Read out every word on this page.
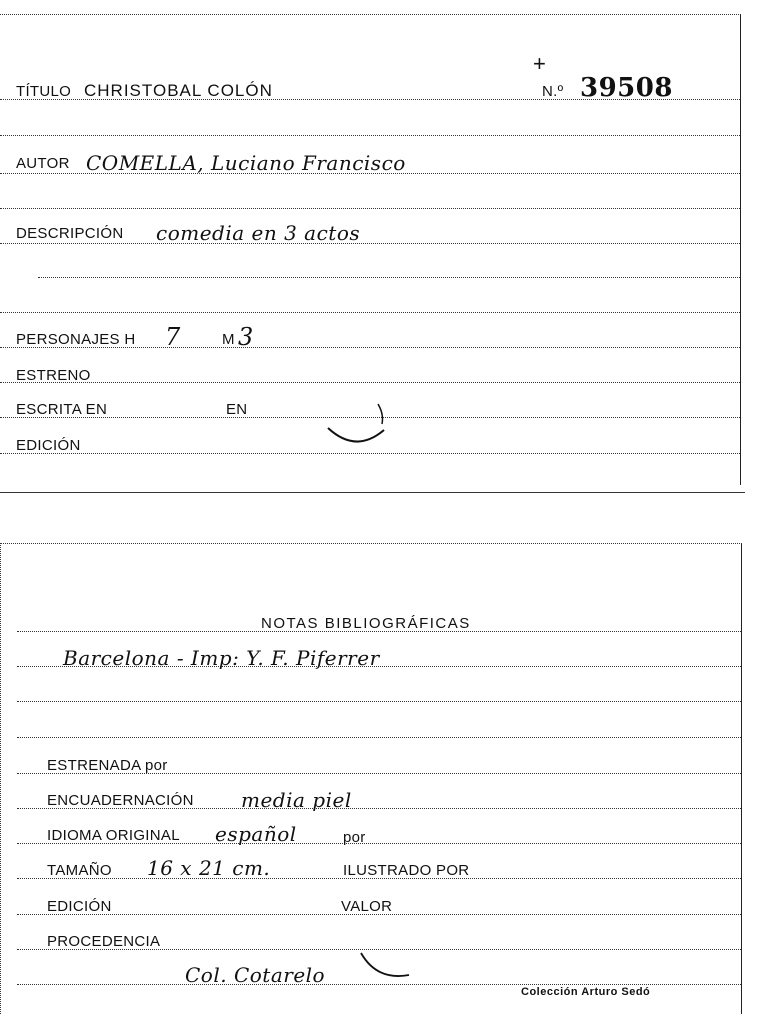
TÍTULO CHRISTOBAL COLÓN
+
N.º 39508
AUTOR COMELLA, Luciano Francisco
DESCRIPCIÓN comedia en 3 actos
PERSONAJES H 7	M 3
ESTRENO
ESCRITA EN	EN
EDICIÓN
NOTAS BIBLIOGRÁFICAS
Barcelona - Imp: Y. F. Piferrer
ESTRENADA por
ENCUADERNACIÓN media piel
IDIOMA ORIGINAL español	por
TAMAÑO 16 x 21 cm.	ILUSTRADO POR
EDICIÓN	VALOR
PROCEDENCIA
Col. Cotarelo
Colección Arturo Sedó
